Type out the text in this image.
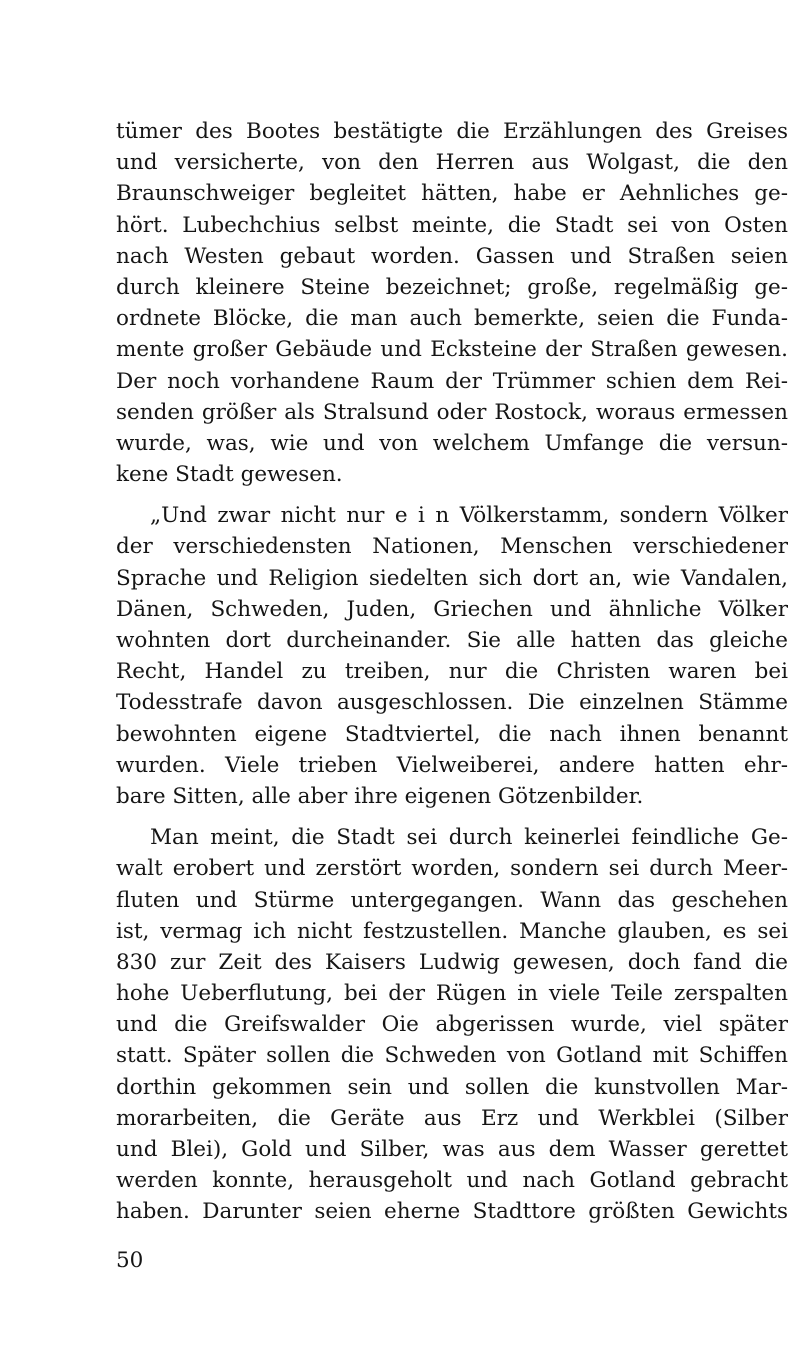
tümer des Bootes bestätigte die Erzählungen des Greises
und versicherte, von den Herren aus Wolgast, die den
Braunschweiger begleitet hätten, habe er Aehnliches ge-
hört. Lubechchius selbst meinte, die Stadt sei von Osten
nach Westen gebaut worden. Gassen und Straßen seien
durch kleinere Steine bezeichnet; große, regelmäßig ge-
ordnete Blöcke, die man auch bemerkte, seien die Funda-
mente großer Gebäude und Ecksteine der Straßen gewesen.
Der noch vorhandene Raum der Trümmer schien dem Rei-
senden größer als Stralsund oder Rostock, woraus ermessen
wurde, was, wie und von welchem Umfange die versun-
kene Stadt gewesen.
„Und zwar nicht nur e i n Völkerstamm, sondern Völker
der verschiedensten Nationen, Menschen verschiedener
Sprache und Religion siedelten sich dort an, wie Vandalen,
Dänen, Schweden, Juden, Griechen und ähnliche Völker
wohnten dort durcheinander. Sie alle hatten das gleiche
Recht, Handel zu treiben, nur die Christen waren bei
Todesstrafe davon ausgeschlossen. Die einzelnen Stämme
bewohnten eigene Stadtviertel, die nach ihnen benannt
wurden. Viele trieben Vielweiberei, andere hatten ehr-
bare Sitten, alle aber ihre eigenen Götzenbilder.
Man meint, die Stadt sei durch keinerlei feindliche Ge-
walt erobert und zerstört worden, sondern sei durch Meer-
fluten und Stürme untergegangen. Wann das geschehen
ist, vermag ich nicht festzustellen. Manche glauben, es sei
830 zur Zeit des Kaisers Ludwig gewesen, doch fand die
hohe Ueberflutung, bei der Rügen in viele Teile zerspalten
und die Greifswalder Oie abgerissen wurde, viel später
statt. Später sollen die Schweden von Gotland mit Schiffen
dorthin gekommen sein und sollen die kunstvollen Mar-
morarbeiten, die Geräte aus Erz und Werkblei (Silber
und Blei), Gold und Silber, was aus dem Wasser gerettet
werden konnte, herausgeholt und nach Gotland gebracht
haben. Darunter seien eherne Stadttore größten Gewichts
50
